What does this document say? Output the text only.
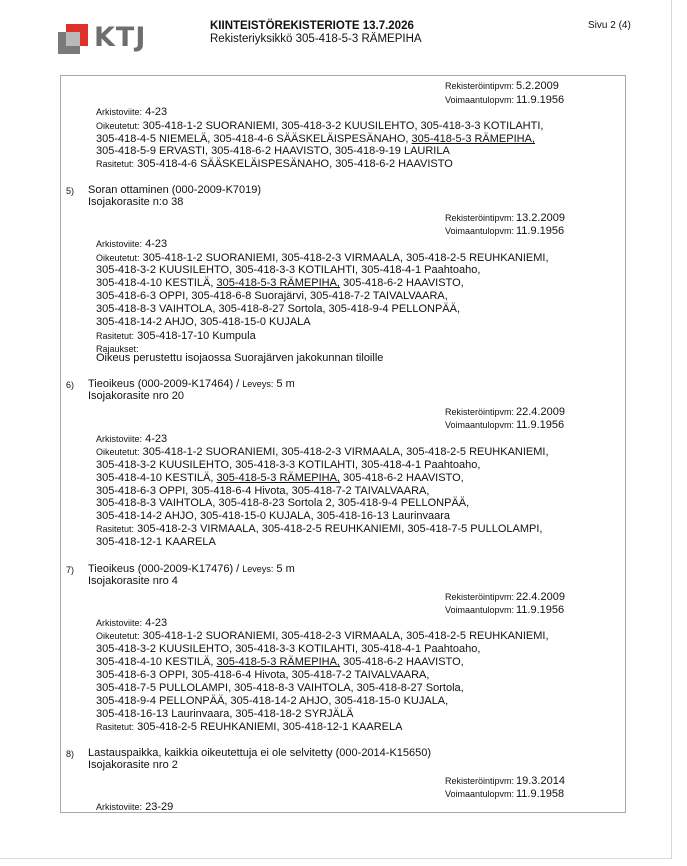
KTJ	KIINTEISTÖREKISTERIOTE 13.7.2026
Rekisteriyksikkö 305-418-5-3 RÄMEPIHA
Sivu 2 (4)
Rekisteröintipvm: 5.2.2009
Voimaantulopvm: 11.9.1956
Arkistoviite: 4-23
Oikeutetut: 305-418-1-2 SUORANIEMI, 305-418-3-2 KUUSILEHTO, 305-418-3-3 KOTILAHTI,
305-418-4-5 NIEMELÄ, 305-418-4-6 SÄÄSKELÄISPESÄNAHO, 305-418-5-3 RÄMEPIHA,
305-418-5-9 ERVASTI, 305-418-6-2 HAAVISTO, 305-418-9-19 LAURILA
Rasitetut: 305-418-4-6 SÄÄSKELÄISPESÄNAHO, 305-418-6-2 HAAVISTO
5) Soran ottaminen (000-2009-K7019)
Isojakorasite n:o 38
Rekisteröintipvm: 13.2.2009
Voimaantulopvm: 11.9.1956
Arkistoviite: 4-23
Oikeutetut: 305-418-1-2 SUORANIEMI, 305-418-2-3 VIRMAALA, 305-418-2-5 REUHKANIEMI,
305-418-3-2 KUUSILEHTO, 305-418-3-3 KOTILAHTI, 305-418-4-1 Paahtoaho,
305-418-4-10 KESTILÄ, 305-418-5-3 RÄMEPIHA, 305-418-6-2 HAAVISTO,
305-418-6-3 OPPI, 305-418-6-8 Suorajärvi, 305-418-7-2 TAIVALVAARA,
305-418-8-3 VAIHTOLA, 305-418-8-27 Sortola, 305-418-9-4 PELLONPÄÄ,
305-418-14-2 AHJO, 305-418-15-0 KUJALA
Rasitetut: 305-418-17-10 Kumpula
Rajaukset:
Oikeus perustettu isojaossa Suorajärven jakokunnan tiloille
6) Tieoikeus (000-2009-K17464) / Leveys: 5 m
Isojakorasite nro 20
Rekisteröintipvm: 22.4.2009
Voimaantulopvm: 11.9.1956
Arkistoviite: 4-23
Oikeutetut: 305-418-1-2 SUORANIEMI, 305-418-2-3 VIRMAALA, 305-418-2-5 REUHKANIEMI,
305-418-3-2 KUUSILEHTO, 305-418-3-3 KOTILAHTI, 305-418-4-1 Paahtoaho,
305-418-4-10 KESTILÄ, 305-418-5-3 RÄMEPIHA, 305-418-6-2 HAAVISTO,
305-418-6-3 OPPI, 305-418-6-4 Hivota, 305-418-7-2 TAIVALVAARA,
305-418-8-3 VAIHTOLA, 305-418-8-23 Sortola 2, 305-418-9-4 PELLONPÄÄ,
305-418-14-2 AHJO, 305-418-15-0 KUJALA, 305-418-16-13 Laurinvaara
Rasitetut: 305-418-2-3 VIRMAALA, 305-418-2-5 REUHKANIEMI, 305-418-7-5 PULLOLAMPI,
305-418-12-1 KAARELA
7) Tieoikeus (000-2009-K17476) / Leveys: 5 m
Isojakorasite nro 4
Rekisteröintipvm: 22.4.2009
Voimaantulopvm: 11.9.1956
Arkistoviite: 4-23
Oikeutetut: 305-418-1-2 SUORANIEMI, 305-418-2-3 VIRMAALA, 305-418-2-5 REUHKANIEMI,
305-418-3-2 KUUSILEHTO, 305-418-3-3 KOTILAHTI, 305-418-4-1 Paahtoaho,
305-418-4-10 KESTILÄ, 305-418-5-3 RÄMEPIHA, 305-418-6-2 HAAVISTO,
305-418-6-3 OPPI, 305-418-6-4 Hivota, 305-418-7-2 TAIVALVAARA,
305-418-7-5 PULLOLAMPI, 305-418-8-3 VAIHTOLA, 305-418-8-27 Sortola,
305-418-9-4 PELLONPÄÄ, 305-418-14-2 AHJO, 305-418-15-0 KUJALA,
305-418-16-13 Laurinvaara, 305-418-18-2 SYRJÄLÄ
Rasitetut: 305-418-2-5 REUHKANIEMI, 305-418-12-1 KAARELA
8) Lastauspaikka, kaikkia oikeutettuja ei ole selvitetty (000-2014-K15650)
Isojakorasite nro 2
Rekisteröintipvm: 19.3.2014
Voimaantulopvm: 11.9.1958
Arkistoviite: 23-29
